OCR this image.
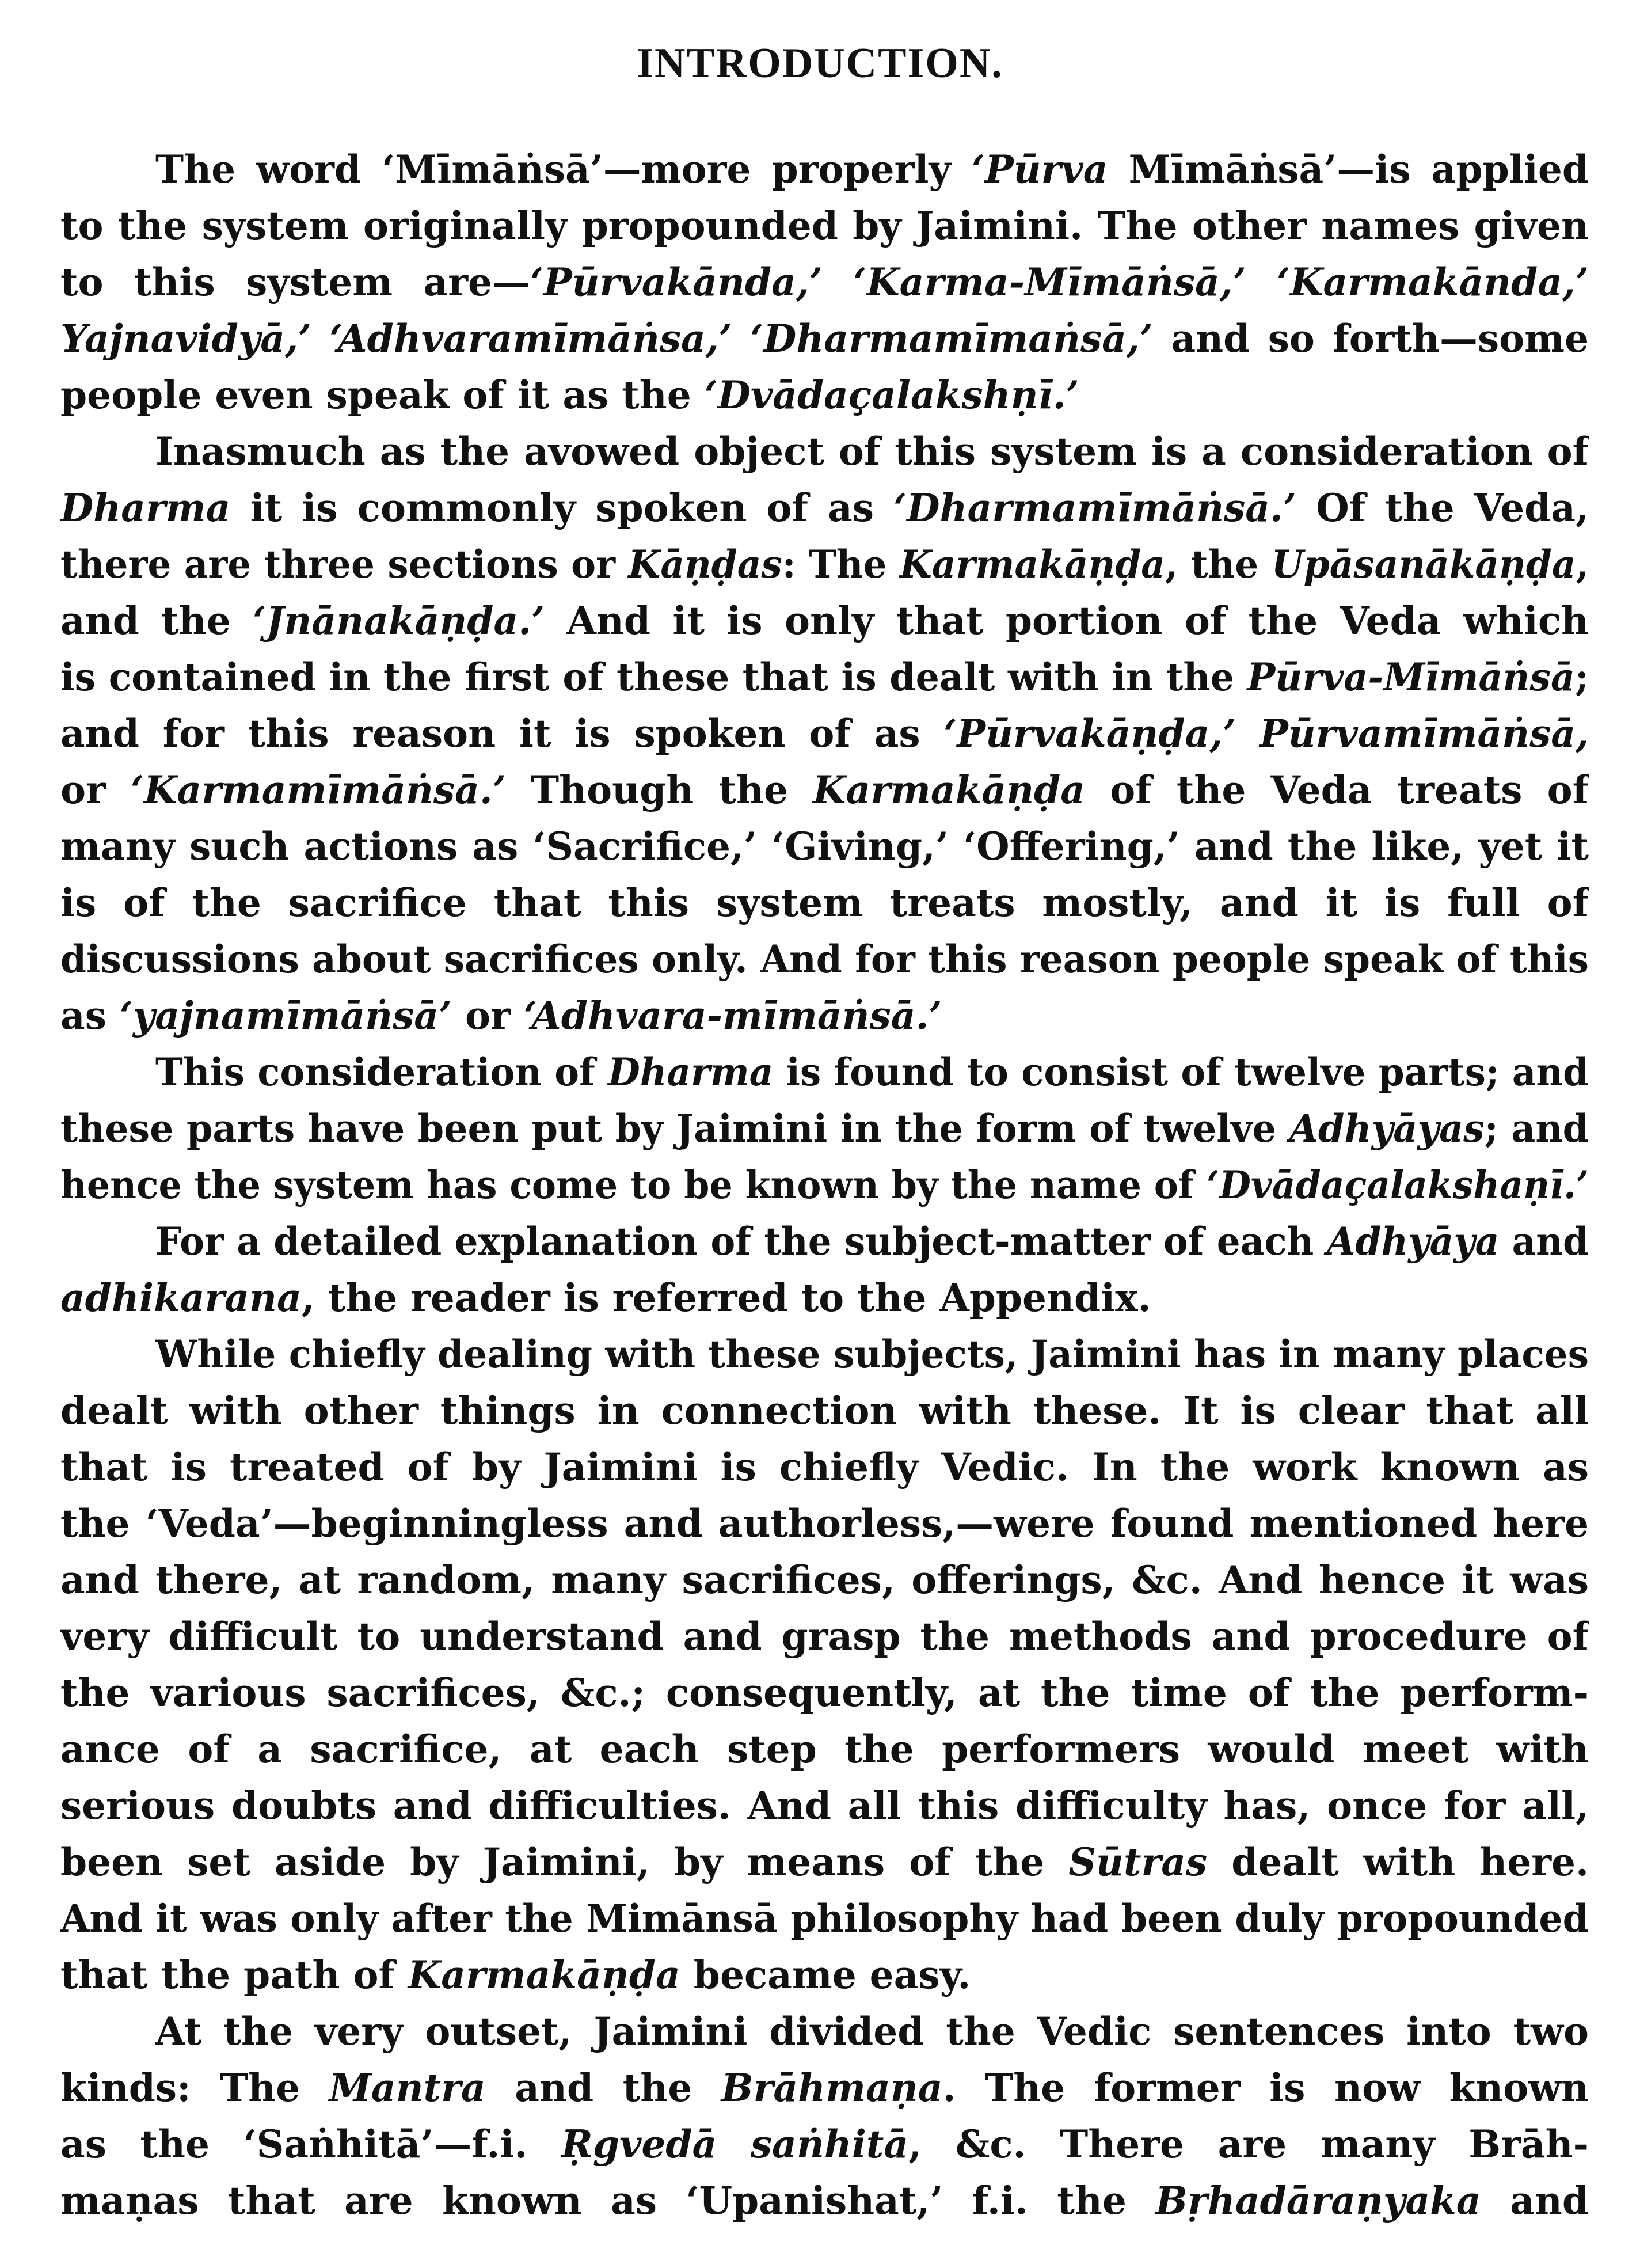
INTRODUCTION.
The word ‘Mīmāṅsā’—more properly ‘Pūrva Mīmāṅsā’—is applied
to the system originally propounded by Jaimini. The other names given
to this system are—‘Pūrvakānda,’ ‘Karma-Mīmāṅsā,’ ‘Karmakānda,’
Yajnavidyā,’ ‘Adhvaramīmāṅsa,’ ‘Dharmamīmaṅsā,’ and so forth—some
people even speak of it as the ‘Dvādaçalakshṇī.’
Inasmuch as the avowed object of this system is a consideration of
Dharma it is commonly spoken of as ‘Dharmamīmāṅsā.’ Of the Veda,
there are three sections or Kāṇḍas: The Karmakāṇḍa, the Upāsanākāṇḍa,
and the ‘Jnānakāṇḍa.’ And it is only that portion of the Veda which
is contained in the first of these that is dealt with in the Pūrva-Mīmāṅsā;
and for this reason it is spoken of as ‘Pūrvakāṇḍa,’ Pūrvamīmāṅsā,
or ‘Karmamīmāṅsā.’ Though the Karmakāṇḍa of the Veda treats of
many such actions as ‘Sacrifice,’ ‘Giving,’ ‘Offering,’ and the like, yet it
is of the sacrifice that this system treats mostly, and it is full of
discussions about sacrifices only. And for this reason people speak of this
as ‘yajnamīmāṅsā’ or ‘Adhvara-mīmāṅsā.’
This consideration of Dharma is found to consist of twelve parts; and
these parts have been put by Jaimini in the form of twelve Adhyāyas; and
hence the system has come to be known by the name of ‘Dvādaçalakshaṇī.’
For a detailed explanation of the subject-matter of each Adhyāya and
adhikarana, the reader is referred to the Appendix.
While chiefly dealing with these subjects, Jaimini has in many places
dealt with other things in connection with these. It is clear that all
that is treated of by Jaimini is chiefly Vedic. In the work known as
the ‘Veda’—beginningless and authorless,—were found mentioned here
and there, at random, many sacrifices, offerings, &c. And hence it was
very difficult to understand and grasp the methods and procedure of
the various sacrifices, &c.; consequently, at the time of the perform-
ance of a sacrifice, at each step the performers would meet with
serious doubts and difficulties. And all this difficulty has, once for all,
been set aside by Jaimini, by means of the Sūtras dealt with here.
And it was only after the Mimānsā philosophy had been duly propounded
that the path of Karmakāṇḍa became easy.
At the very outset, Jaimini divided the Vedic sentences into two
kinds: The Mantra and the Brāhmaṇa. The former is now known
as the ‘Saṅhitā’—f.i. Ṛgvedā saṅhitā, &c. There are many Brāh-
maṇas that are known as ‘Upanishat,’ f.i. the Bṛhadāraṇyaka and
